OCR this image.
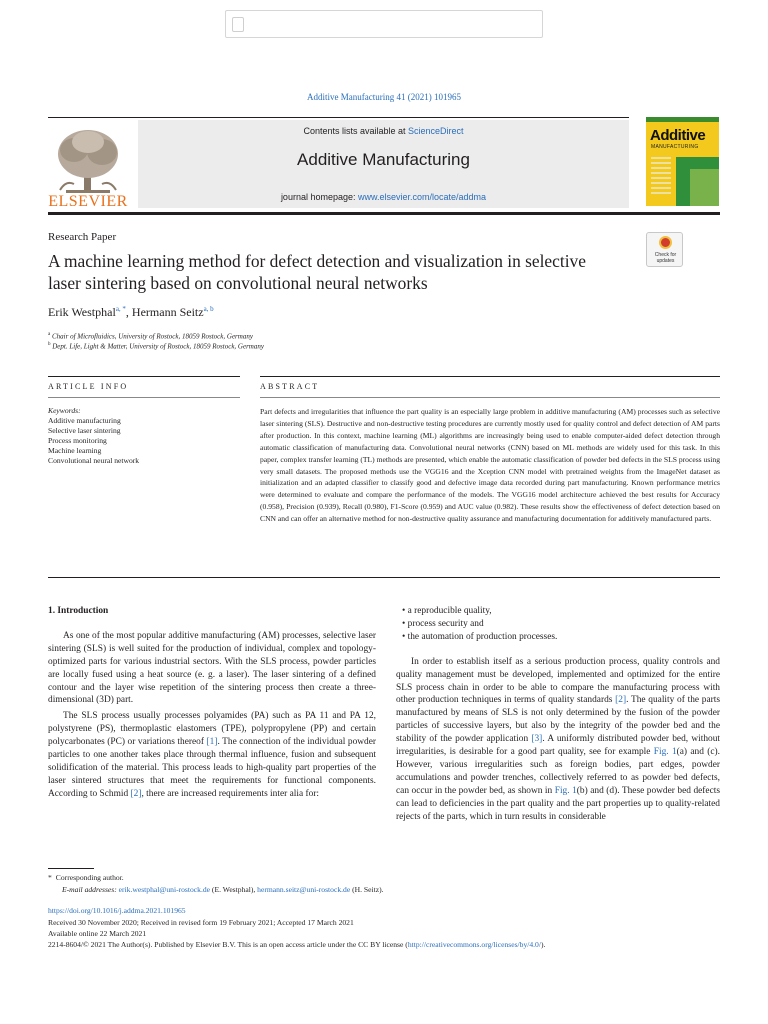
Additive Manufacturing 41 (2021) 101965
ELSEVIER
Contents lists available at ScienceDirect
Additive Manufacturing
journal homepage: www.elsevier.com/locate/addma
Additive
MANUFACTURING
Research Paper
A machine learning method for defect detection and visualization in selective laser sintering based on convolutional neural networks
Check for updates
Erik Westphal$^{a, *}$, Hermann Seitz$^{a, b}$
$^a$ Chair of Microfluidics, University of Rostock, 18059 Rostock, Germany
$^b$ Dept. Life, Light & Matter, University of Rostock, 18059 Rostock, Germany
ARTICLE INFO	ABSTRACT
Keywords:
Additive manufacturing
Selective laser sintering
Process monitoring
Machine learning
Convolutional neural network
Part defects and irregularities that influence the part quality is an especially large problem in additive manufacturing (AM) processes such as selective laser sintering (SLS). Destructive and non-destructive testing procedures are currently mostly used for quality control and defect detection of AM parts after production. In this context, machine learning (ML) algorithms are increasingly being used to enable computer-aided defect detection through automatic classification of manufacturing data. Convolutional neural networks (CNN) based on ML methods are widely used for this task. In this paper, complex transfer learning (TL) methods are presented, which enable the automatic classification of powder bed defects in the SLS process using very small datasets. The proposed methods use the VGG16 and the Xception CNN model with pretrained weights from the ImageNet dataset as initialization and an adapted classifier to classify good and defective image data recorded during part manufacturing. Known performance metrics were determined to evaluate and compare the performance of the models. The VGG16 model architecture achieved the best results for Accuracy (0.958), Precision (0.939), Recall (0.980), F1-Score (0.959) and AUC value (0.982). These results show the effectiveness of defect detection based on CNN and can offer an alternative method for non-destructive quality assurance and manufacturing documentation for additively manufactured parts.
1. Introduction

As one of the most popular additive manufacturing (AM) processes, selective laser sintering (SLS) is well suited for the production of individual, complex and topology-optimized parts for various industrial sectors. With the SLS process, powder particles are locally fused using a heat source (e. g. a laser). The laser sintering of a defined contour and the layer wise repetition of the sintering process then create a three-dimensional (3D) part.

The SLS process usually processes polyamides (PA) such as PA 11 and PA 12, polystyrene (PS), thermoplastic elastomers (TPE), polypropylene (PP) and certain polycarbonates (PC) or variations thereof [1]. The connection of the individual powder particles to one another takes place through thermal influence, fusion and subsequent solidification of the material. This process leads to high-quality part properties of the laser sintered structures that meet the requirements for functional components. According to Schmid [2], there are increased requirements inter alia for:

• a reproducible quality,
• process security and
• the automation of production processes.

In order to establish itself as a serious production process, quality controls and quality management must be developed, implemented and optimized for the entire SLS process chain in order to be able to compare the manufacturing process with other production techniques in terms of quality standards [2]. The quality of the parts manufactured by means of SLS is not only determined by the fusion of the powder particles of successive layers, but also by the integrity of the powder bed and the stability of the powder application [3]. A uniformly distributed powder bed, without irregularities, is desirable for a good part quality, see for example Fig. 1(a) and (c). However, various irregularities such as foreign bodies, part edges, powder accumulations and powder trenches, collectively referred to as powder bed defects, can occur in the powder bed, as shown in Fig. 1(b) and (d). These powder bed defects can lead to deficiencies in the part quality and the part properties up to quality-related rejects of the parts, which in turn results in considerable

* Corresponding author.
E-mail addresses: erik.westphal@uni-rostock.de (E. Westphal), hermann.seitz@uni-rostock.de (H. Seitz).
https://doi.org/10.1016/j.addma.2021.101965
Received 30 November 2020; Received in revised form 19 February 2021; Accepted 17 March 2021
Available online 22 March 2021
2214-8604/© 2021 The Author(s). Published by Elsevier B.V. This is an open access article under the CC BY license (http://creativecommons.org/licenses/by/4.0/).
